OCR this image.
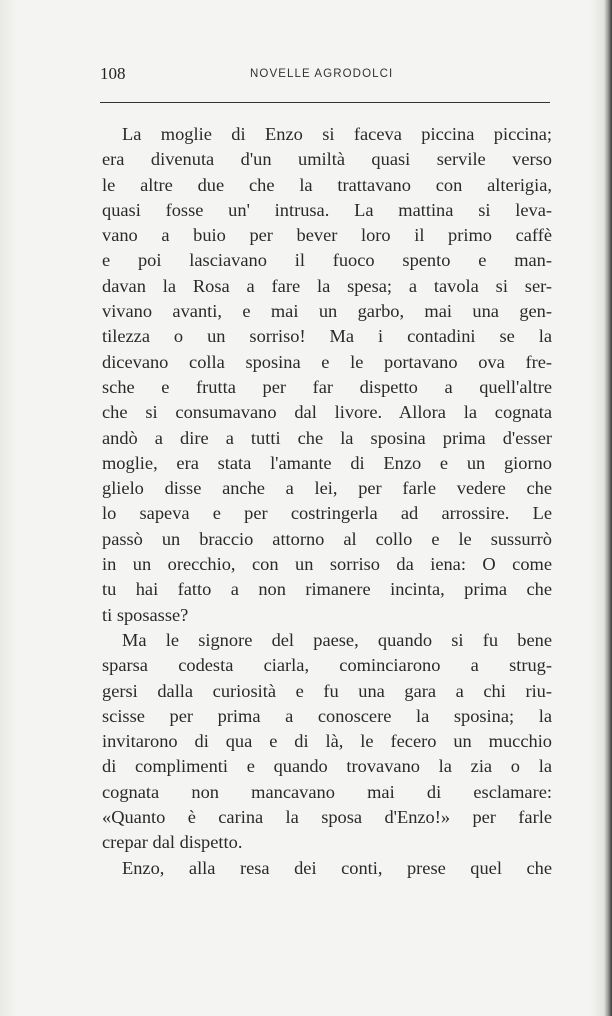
108	NOVELLE AGRODOLCI
La moglie di Enzo si faceva piccina piccina;
era divenuta d'un umiltà quasi servile verso
le altre due che la trattavano con alterigia,
quasi fosse un' intrusa. La mattina si leva-
vano a buio per bever loro il primo caffè
e poi lasciavano il fuoco spento e man-
davan la Rosa a fare la spesa; a tavola si ser-
vivano avanti, e mai un garbo, mai una gen-
tilezza o un sorriso! Ma i contadini se la
dicevano colla sposina e le portavano ova fre-
sche e frutta per far dispetto a quell'altre
che si consumavano dal livore. Allora la cognata
andò a dire a tutti che la sposina prima d'esser
moglie, era stata l'amante di Enzo e un giorno
glielo disse anche a lei, per farle vedere che
lo sapeva e per costringerla ad arrossire. Le
passò un braccio attorno al collo e le sussurrò
in un orecchio, con un sorriso da iena: O come
tu hai fatto a non rimanere incinta, prima che
ti sposasse?
Ma le signore del paese, quando si fu bene
sparsa codesta ciarla, cominciarono a strug-
gersi dalla curiosità e fu una gara a chi riu-
scisse per prima a conoscere la sposina; la
invitarono di qua e di là, le fecero un mucchio
di complimenti e quando trovavano la zia o la
cognata non mancavano mai di esclamare:
«Quanto è carina la sposa d'Enzo!» per farle
crepar dal dispetto.
Enzo, alla resa dei conti, prese quel che
